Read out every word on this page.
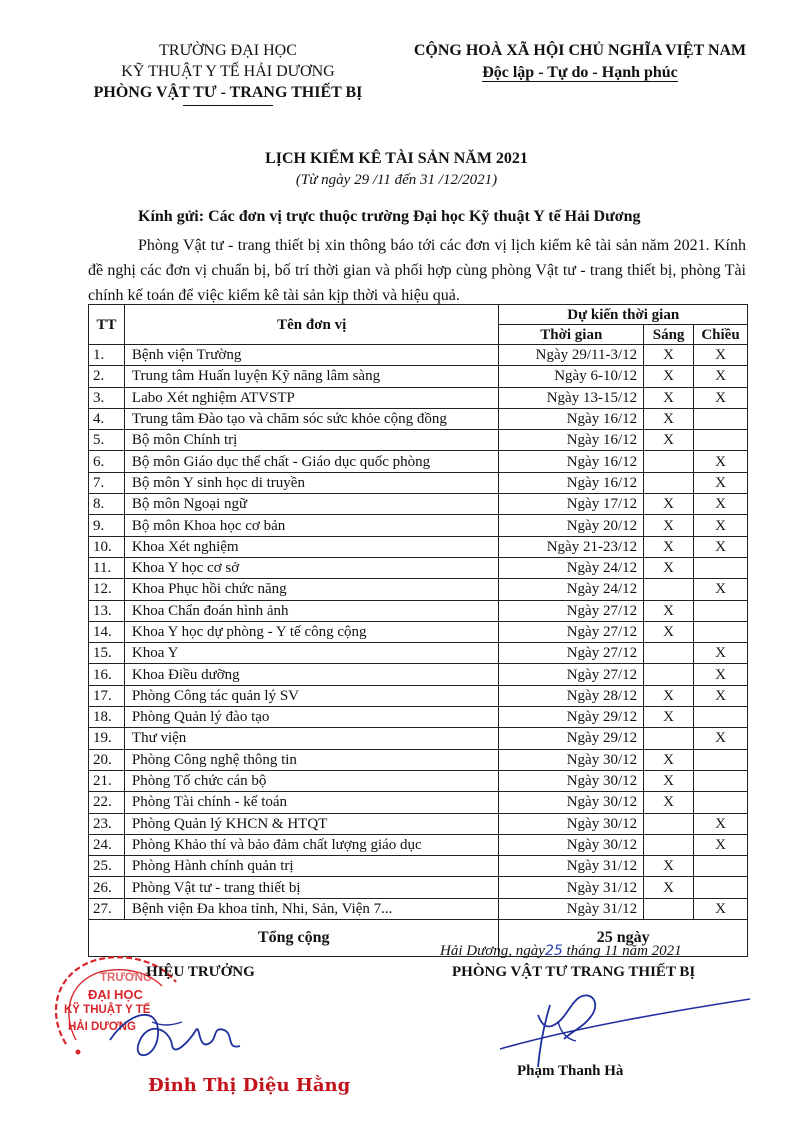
TRƯỜNG ĐẠI HỌC
KỸ THUẬT Y TẾ HẢI DƯƠNG
PHÒNG VẬT TƯ - TRANG THIẾT BỊ
CỘNG HOÀ XÃ HỘI CHỦ NGHĨA VIỆT NAM
Độc lập - Tự do - Hạnh phúc
LỊCH KIỂM KÊ TÀI SẢN NĂM 2021
(Từ ngày 29 /11 đến 31 /12/2021)
Kính gửi: Các đơn vị trực thuộc trường Đại học Kỹ thuật Y tế Hải Dương
Phòng Vật tư - trang thiết bị xin thông báo tới các đơn vị lịch kiểm kê tài sản năm 2021. Kính đề nghị các đơn vị chuẩn bị, bố trí thời gian và phối hợp cùng phòng Vật tư - trang thiết bị, phòng Tài chính kế toán để việc kiểm kê tài sản kịp thời và hiệu quả.
TT	Tên đơn vị	Dự kiến thời gian		
		Thời gian	Sáng	Chiều
1.	Bệnh viện Trường	Ngày 29/11-3/12	X	X
2.	Trung tâm Huấn luyện Kỹ năng lâm sàng	Ngày 6-10/12	X	X
3.	Labo Xét nghiệm ATVSTP	Ngày 13-15/12	X	X
4.	Trung tâm Đào tạo và chăm sóc sức khỏe cộng đồng	Ngày 16/12	X	
5.	Bộ môn Chính trị	Ngày 16/12	X	
6.	Bộ môn Giáo dục thể chất - Giáo dục quốc phòng	Ngày 16/12		X
7.	Bộ môn Y sinh học di truyền	Ngày 16/12		X
8.	Bộ môn Ngoại ngữ	Ngày 17/12	X	X
9.	Bộ môn Khoa học cơ bản	Ngày 20/12	X	X
10.	Khoa Xét nghiệm	Ngày 21-23/12	X	X
11.	Khoa Y học cơ sở	Ngày 24/12	X	
12.	Khoa Phục hồi chức năng	Ngày 24/12		X
13.	Khoa Chẩn đoán hình ảnh	Ngày 27/12	X	
14.	Khoa Y học dự phòng - Y tế công cộng	Ngày 27/12	X	
15.	Khoa Y	Ngày 27/12		X
16.	Khoa Điều dưỡng	Ngày 27/12		X
17.	Phòng Công tác quản lý SV	Ngày 28/12	X	X
18.	Phòng Quản lý đào tạo	Ngày 29/12	X	
19.	Thư viện	Ngày 29/12		X
20.	Phòng Công nghệ thông tin	Ngày 30/12	X	
21.	Phòng Tổ chức cán bộ	Ngày 30/12	X	
22.	Phòng Tài chính - kế toán	Ngày 30/12	X	
23.	Phòng Quản lý KHCN & HTQT	Ngày 30/12		X
24.	Phòng Khảo thí và bảo đảm chất lượng giáo dục	Ngày 30/12		X
25.	Phòng Hành chính quản trị	Ngày 31/12	X	
26.	Phòng Vật tư - trang thiết bị	Ngày 31/12	X	
27.	Bệnh viện Đa khoa tỉnh, Nhi, Sản, Viện 7...	Ngày 31/12		X
Tổng cộng		25 ngày		
Hải Dương, ngày25 tháng 11 năm 2021
PHÒNG VẬT TƯ TRANG THIẾT BỊ
TRƯỜNG
ĐẠI HỌC
KỸ THUẬT Y TẾ
HẢI DƯƠNG
HIỆU TRƯỞNG
Đinh Thị Diệu Hằng
Phạm Thanh Hà
